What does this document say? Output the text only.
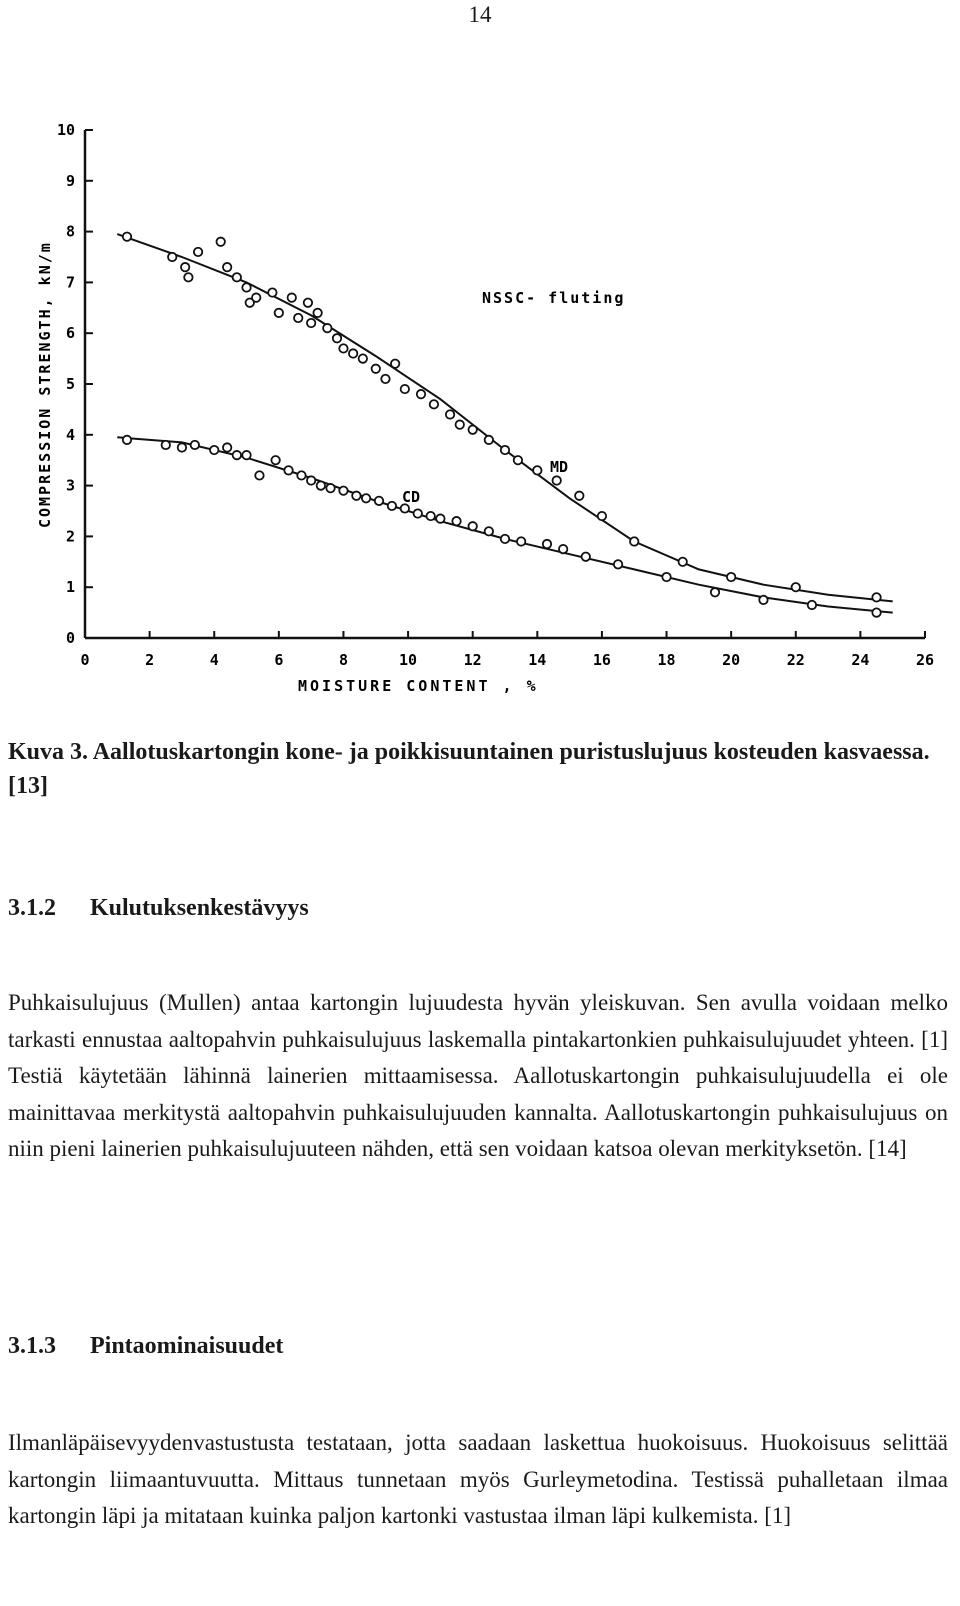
14
0	2	4	6	8	10	12	14	16	18	20	22	24	26
0
1
2
3
4
5
6
7
8
9
10
NSSC- fluting
MD
CD
MOISTURE CONTENT , %
COMPRESSION STRENGTH, kN/m
Kuva 3. Aallotuskartongin kone- ja poikkisuuntainen puristuslujuus kosteuden kasvaessa. [13]
3.1.2 Kulutuksenkestävyys

Puhkaisulujuus (Mullen) antaa kartongin lujuudesta hyvän yleiskuvan. Sen avulla voidaan melko tarkasti ennustaa aaltopahvin puhkaisulujuus laskemalla pintakartonkien puhkaisulujuudet yhteen. [1] Testiä käytetään lähinnä lainerien mittaamisessa. Aallotuskartongin puhkaisulujuudella ei ole mainittavaa merkitystä aaltopahvin puhkaisulujuuden kannalta. Aallotuskartongin puhkaisulujuus on niin pieni lainerien puhkaisulujuuteen nähden, että sen voidaan katsoa olevan merkityksetön. [14]

3.1.3 Pintaominaisuudet

Ilmanläpäisevyydenvastustusta testataan, jotta saadaan laskettua huokoisuus. Huokoisuus selittää kartongin liimaantuvuutta. Mittaus tunnetaan myös Gurleymetodina. Testissä puhalletaan ilmaa kartongin läpi ja mitataan kuinka paljon kartonki vastustaa ilman läpi kulkemista. [1]
